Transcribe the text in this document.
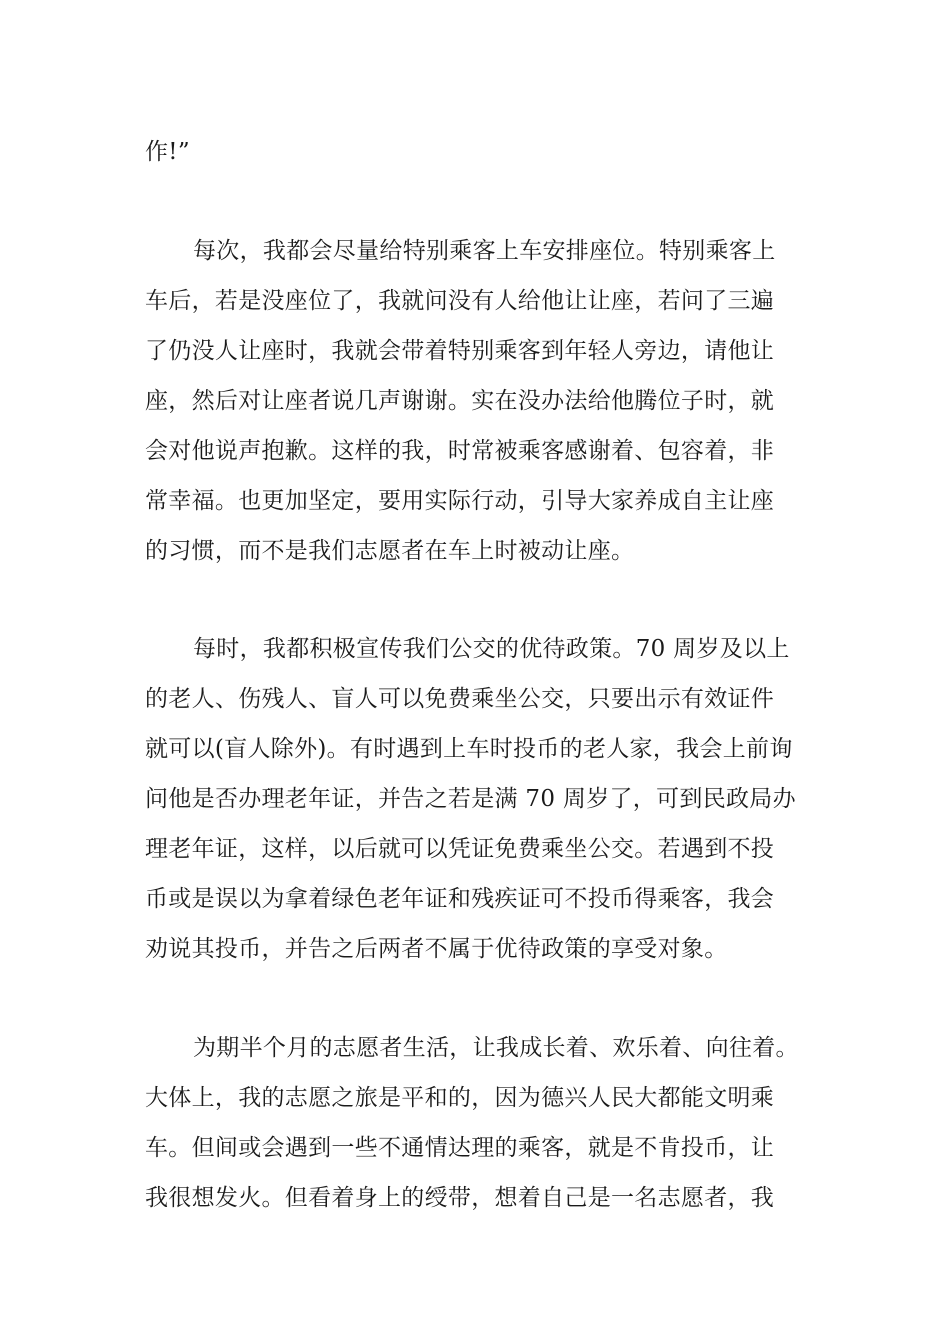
作!”
每次，我都会尽量给特别乘客上车安排座位。特别乘客上
车后，若是没座位了，我就问没有人给他让让座，若问了三遍
了仍没人让座时，我就会带着特别乘客到年轻人旁边，请他让
座，然后对让座者说几声谢谢。实在没办法给他腾位子时，就
会对他说声抱歉。这样的我，时常被乘客感谢着、包容着，非
常幸福。也更加坚定，要用实际行动，引导大家养成自主让座
的习惯，而不是我们志愿者在车上时被动让座。
每时，我都积极宣传我们公交的优待政策。70 周岁及以上
的老人、伤残人、盲人可以免费乘坐公交，只要出示有效证件
就可以(盲人除外)。有时遇到上车时投币的老人家，我会上前询
问他是否办理老年证，并告之若是满 70 周岁了，可到民政局办
理老年证，这样，以后就可以凭证免费乘坐公交。若遇到不投
币或是误以为拿着绿色老年证和残疾证可不投币得乘客，我会
劝说其投币，并告之后两者不属于优待政策的享受对象。
为期半个月的志愿者生活，让我成长着、欢乐着、向往着。
大体上，我的志愿之旅是平和的，因为德兴人民大都能文明乘
车。但间或会遇到一些不通情达理的乘客，就是不肯投币，让
我很想发火。但看着身上的绶带，想着自己是一名志愿者，我
